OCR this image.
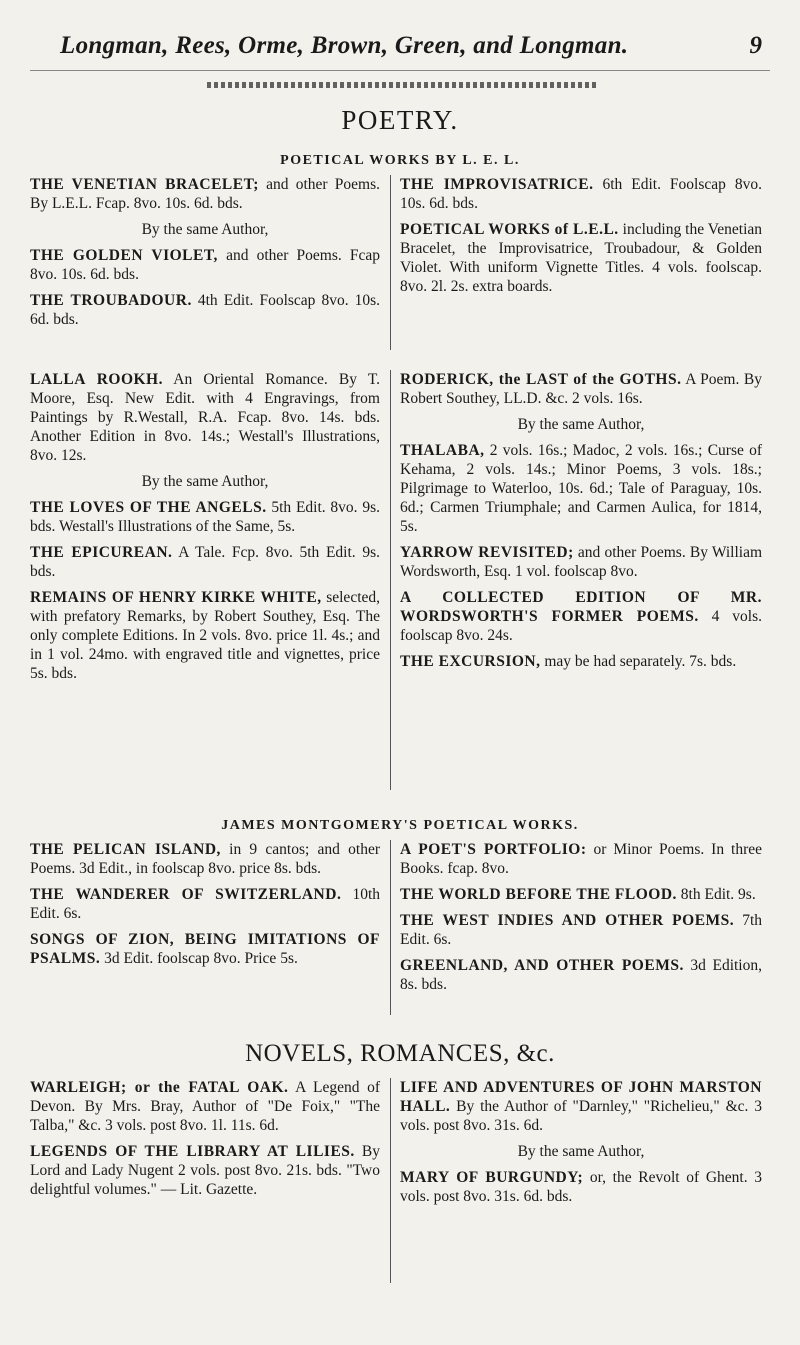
Longman, Rees, Orme, Brown, Green, and Longman.	9
POETRY.
POETICAL WORKS BY L. E. L.

THE VENETIAN BRACELET; and other Poems. By L.E.L. Fcap. 8vo. 10s. 6d. bds.

By the same Author,

THE GOLDEN VIOLET, and other Poems. Fcap 8vo. 10s. 6d. bds.

THE TROUBADOUR. 4th Edit. Foolscap 8vo. 10s. 6d. bds.

THE IMPROVISATRICE. 6th Edit. Foolscap 8vo. 10s. 6d. bds.

POETICAL WORKS of L.E.L. including the Venetian Bracelet, the Improvisatrice, Troubadour, & Golden Violet. With uniform Vignette Titles. 4 vols. foolscap. 8vo. 2l. 2s. extra boards.

LALLA ROOKH. An Oriental Romance. By T. Moore, Esq. New Edit. with 4 Engravings, from Paintings by R.Westall, R.A. Fcap. 8vo. 14s. bds. Another Edition in 8vo. 14s.; Westall's Illustrations, 8vo. 12s.

By the same Author,

THE LOVES OF THE ANGELS. 5th Edit. 8vo. 9s. bds. Westall's Illustrations of the Same, 5s.

THE EPICUREAN. A Tale. Fcp. 8vo. 5th Edit. 9s. bds.

REMAINS OF HENRY KIRKE WHITE, selected, with prefatory Remarks, by Robert Southey, Esq. The only complete Editions. In 2 vols. 8vo. price 1l. 4s.; and in 1 vol. 24mo. with engraved title and vignettes, price 5s. bds.

RODERICK, the LAST of the GOTHS. A Poem. By Robert Southey, LL.D. &c. 2 vols. 16s.

By the same Author,

THALABA, 2 vols. 16s.; Madoc, 2 vols. 16s.; Curse of Kehama, 2 vols. 14s.; Minor Poems, 3 vols. 18s.; Pilgrimage to Waterloo, 10s. 6d.; Tale of Paraguay, 10s. 6d.; Carmen Triumphale; and Carmen Aulica, for 1814, 5s.

YARROW REVISITED; and other Poems. By William Wordsworth, Esq. 1 vol. foolscap 8vo.

A COLLECTED EDITION OF MR. WORDSWORTH'S FORMER POEMS. 4 vols. foolscap 8vo. 24s.

THE EXCURSION, may be had separately. 7s. bds.

JAMES MONTGOMERY'S POETICAL WORKS.

THE PELICAN ISLAND, in 9 cantos; and other Poems. 3d Edit., in foolscap 8vo. price 8s. bds.

THE WANDERER OF SWITZERLAND. 10th Edit. 6s.

SONGS OF ZION, BEING IMITATIONS OF PSALMS. 3d Edit. foolscap 8vo. Price 5s.

A POET'S PORTFOLIO: or Minor Poems. In three Books. fcap. 8vo.

THE WORLD BEFORE THE FLOOD. 8th Edit. 9s.

THE WEST INDIES AND OTHER POEMS. 7th Edit. 6s.

GREENLAND, AND OTHER POEMS. 3d Edition, 8s. bds.

NOVELS, ROMANCES, &c.

WARLEIGH; or the FATAL OAK. A Legend of Devon. By Mrs. Bray, Author of "De Foix," "The Talba," &c. 3 vols. post 8vo. 1l. 11s. 6d.

LEGENDS OF THE LIBRARY AT LILIES. By Lord and Lady Nugent 2 vols. post 8vo. 21s. bds. "Two delightful volumes." — Lit. Gazette.

LIFE AND ADVENTURES OF JOHN MARSTON HALL. By the Author of "Darnley," "Richelieu," &c. 3 vols. post 8vo. 31s. 6d.

By the same Author,

MARY OF BURGUNDY; or, the Revolt of Ghent. 3 vols. post 8vo. 31s. 6d. bds.
